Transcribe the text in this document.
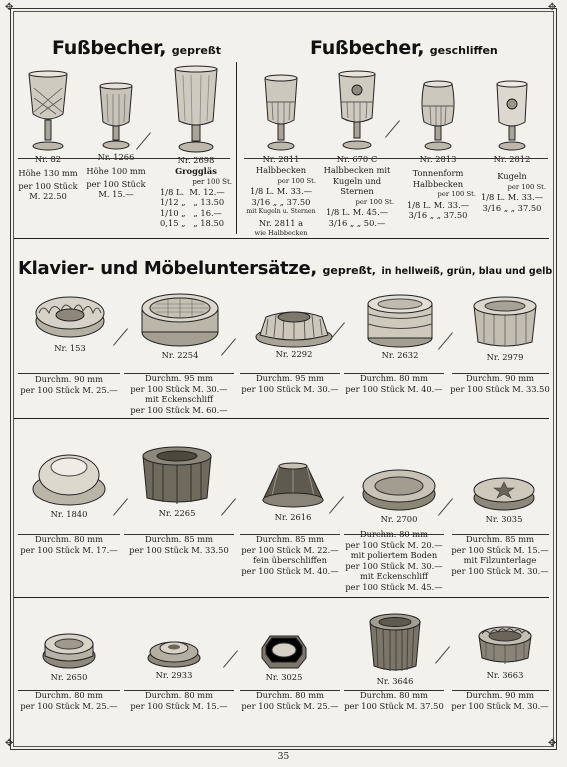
✥	✥
✥	✥
Fußbecher, gepreßt	Fußbecher, geschliffen
Klavier- und Möbeluntersätze, gepreßt, in hellweiß, grün, blau und gelb
Nr. 82
Höhe 130 mm
per 100 Stück
M. 22.50
Nr. 1266
Höhe 100 mm
per 100 Stück
M. 15.—
Nr. 2698
Groggläs
per 100 St.
1/8 L. M. 12.—
1/12 „ „ 13.50
1/10 „ „ 16.—
0,15 „ „ 18.50
Nr. 2811
Halbbecken
per 100 St.
1/8 L. M. 33.—
3/16 „ „ 37.50
mit Kugeln u. Sternen
Nr. 2811 a
wie Halbbecken
Nr. 670 C
Halbbecken mit
Kugeln und
Sternen
per 100 St.
1/8 L. M. 45.—
3/16 „ „ 50.—
Nr. 2813
Tonnenform
Halbbecken
per 100 St.
1/8 L. M. 33.—
3/16 „ „ 37.50
Nr. 2812
Kugeln
per 100 St.
1/8 L. M. 33.—
3/16 „ „ 37.50
Nr. 153
Durchm. 90 mm
per 100 Stück M. 25.—
Nr. 2254
Durchm. 95 mm
per 100 Stück M. 30.—
mit Eckenschliff
per 100 Stück M. 60.—
Nr. 2292
Durchm. 95 mm
per 100 Stück M. 30.—
Nr. 2632
Durchm. 80 mm
per 100 Stück M. 40.—
Nr. 2979
Durchm. 90 mm
per 100 Stück M. 33.50
Nr. 1840
Durchm. 80 mm
per 100 Stück M. 17.—
Nr. 2265
Durchm. 85 mm
per 100 Stück M. 33.50
Nr. 2616
Durchm. 85 mm
per 100 Stück M. 22.—
fein überschliffen
per 100 Stück M. 40.—
Nr. 2700
Durchm. 80 mm
per 100 Stück M. 20.—
mit poliertem Boden
per 100 Stück M. 30.—
mit Eckenschliff
per 100 Stück M. 45.—
Nr. 3035
Durchm. 85 mm
per 100 Stück M. 15.—
mit Filzunterlage
per 100 Stück M. 30.—
Nr. 2650
Durchm. 80 mm
per 100 Stück M. 25.—
Nr. 2933
Durchm. 80 mm
per 100 Stück M. 15.—
Nr. 3025
Durchm. 80 mm
per 100 Stück M. 25.—
Nr. 3646
Durchm. 80 mm
per 100 Stück M. 37.50
Nr. 3663
Durchm. 90 mm
per 100 Stück M. 30.—
35
